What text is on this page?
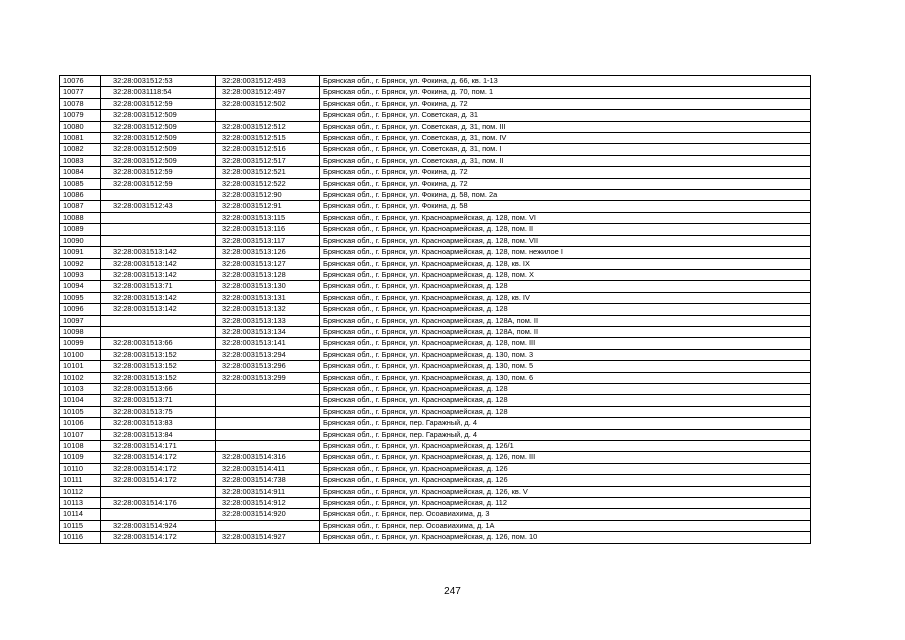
10076	32:28:0031512:53	32:28:0031512:493	Брянская обл., г. Брянск, ул. Фокина, д. 66, кв. 1-13
10077	32:28:0031118:54	32:28:0031512:497	Брянская обл., г. Брянск, ул. Фокина, д. 70, пом. 1
10078	32:28:0031512:59	32:28:0031512:502	Брянская обл., г. Брянск, ул. Фокина, д. 72
10079	32:28:0031512:509		Брянская обл., г. Брянск, ул. Советская, д. 31
10080	32:28:0031512:509	32:28:0031512:512	Брянская обл., г. Брянск, ул. Советская, д. 31, пом. III
10081	32:28:0031512:509	32:28:0031512:515	Брянская обл., г. Брянск, ул. Советская, д. 31, пом. IV
10082	32:28:0031512:509	32:28:0031512:516	Брянская обл., г. Брянск, ул. Советская, д. 31, пом. I
10083	32:28:0031512:509	32:28:0031512:517	Брянская обл., г. Брянск, ул. Советская, д. 31, пом. II
10084	32:28:0031512:59	32:28:0031512:521	Брянская обл., г. Брянск, ул. Фокина, д. 72
10085	32:28:0031512:59	32:28:0031512:522	Брянская обл., г. Брянск, ул. Фокина, д. 72
10086		32:28:0031512:90	Брянская обл., г. Брянск, ул. Фокина, д. 58, пом. 2а
10087	32:28:0031512:43	32:28:0031512:91	Брянская обл., г. Брянск, ул. Фокина, д. 58
10088		32:28:0031513:115	Брянская обл., г. Брянск, ул. Красноармейская, д. 128, пом. VI
10089		32:28:0031513:116	Брянская обл., г. Брянск, ул. Красноармейская, д. 128, пом. II
10090		32:28:0031513:117	Брянская обл., г. Брянск, ул. Красноармейская, д. 128, пом. VII
10091	32:28:0031513:142	32:28:0031513:126	Брянская обл., г. Брянск, ул. Красноармейская, д. 128, пом. нежилое I
10092	32:28:0031513:142	32:28:0031513:127	Брянская обл., г. Брянск, ул. Красноармейская, д. 128, кв. IX
10093	32:28:0031513:142	32:28:0031513:128	Брянская обл., г. Брянск, ул. Красноармейская, д. 128, пом. X
10094	32:28:0031513:71	32:28:0031513:130	Брянская обл., г. Брянск, ул. Красноармейская, д. 128
10095	32:28:0031513:142	32:28:0031513:131	Брянская обл., г. Брянск, ул. Красноармейская, д. 128, кв. IV
10096	32:28:0031513:142	32:28:0031513:132	Брянская обл., г. Брянск, ул. Красноармейская, д. 128
10097		32:28:0031513:133	Брянская обл., г. Брянск, ул. Красноармейская, д. 128А, пом. II
10098		32:28:0031513:134	Брянская обл., г. Брянск, ул. Красноармейская, д. 128А, пом. II
10099	32:28:0031513:66	32:28:0031513:141	Брянская обл., г. Брянск, ул. Красноармейская, д. 128, пом. III
10100	32:28:0031513:152	32:28:0031513:294	Брянская обл., г. Брянск, ул. Красноармейская, д. 130, пом. 3
10101	32:28:0031513:152	32:28:0031513:296	Брянская обл., г. Брянск, ул. Красноармейская, д. 130, пом. 5
10102	32:28:0031513:152	32:28:0031513:299	Брянская обл., г. Брянск, ул. Красноармейская, д. 130, пом. 6
10103	32:28:0031513:66		Брянская обл., г. Брянск, ул. Красноармейская, д. 128
10104	32:28:0031513:71		Брянская обл., г. Брянск, ул. Красноармейская, д. 128
10105	32:28:0031513:75		Брянская обл., г. Брянск, ул. Красноармейская, д. 128
10106	32:28:0031513:83		Брянская обл., г. Брянск, пер. Гаражный, д. 4
10107	32:28:0031513:84		Брянская обл., г. Брянск, пер. Гаражный, д. 4
10108	32:28:0031514:171		Брянская обл., г. Брянск, ул. Красноармейская, д. 126/1
10109	32:28:0031514:172	32:28:0031514:316	Брянская обл., г. Брянск, ул. Красноармейская, д. 126, пом. III
10110	32:28:0031514:172	32:28:0031514:411	Брянская обл., г. Брянск, ул. Красноармейская, д. 126
10111	32:28:0031514:172	32:28:0031514:738	Брянская обл., г. Брянск, ул. Красноармейская, д. 126
10112		32:28:0031514:911	Брянская обл., г. Брянск, ул. Красноармейская, д. 126, кв. V
10113	32:28:0031514:176	32:28:0031514:912	Брянская обл., г. Брянск, ул. Красноармейская, д. 112
10114		32:28:0031514:920	Брянская обл., г. Брянск, пер. Осоавиахима, д. 3
10115	32:28:0031514:924		Брянская обл., г. Брянск, пер. Осоавиахима, д. 1А
10116	32:28:0031514:172	32:28:0031514:927	Брянская обл., г. Брянск, ул. Красноармейская, д. 126, пом. 10
247
